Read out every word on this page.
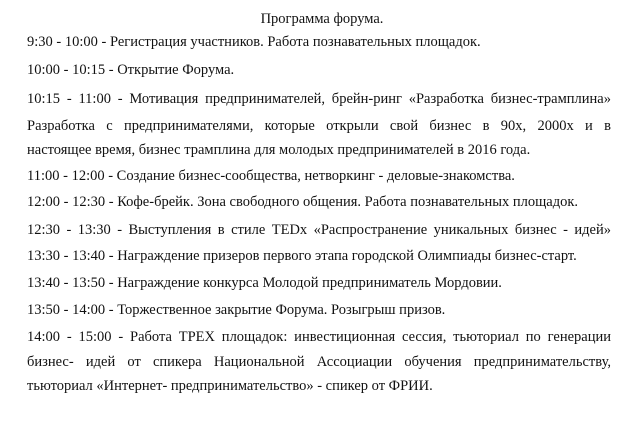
Программа форума.
9:30 - 10:00 - Регистрация участников. Работа познавательных площадок.
10:00 - 10:15 - Открытие Форума.
10:15 - 11:00 - Мотивация предпринимателей, брейн-ринг «Разработка бизнес-трамплина»
Разработка с предпринимателями, которые открыли свой бизнес в 90х, 2000х и в
настоящее время, бизнес трамплина для молодых предпринимателей в 2016 года.
11:00 - 12:00 - Создание бизнес-сообщества, нетворкинг - деловые-знакомства.
12:00 - 12:30 - Кофе-брейк. Зона свободного общения. Работа познавательных площадок.
12:30 - 13:30 - Выступления в стиле TEDx «Распространение уникальных бизнес - идей»
13:30 - 13:40 - Награждение призеров первого этапа городской Олимпиады бизнес-старт.
13:40 - 13:50 - Награждение конкурса Молодой предприниматель Мордовии.
13:50 - 14:00 - Торжественное закрытие Форума. Розыгрыш призов.
14:00 - 15:00 - Работа ТРЕХ площадок: инвестиционная сессия, тьюториал по генерации
бизнес- идей от спикера Национальной Ассоциации обучения предпринимательству,
тьюториал «Интернет- предпринимательство» - спикер от ФРИИ.
